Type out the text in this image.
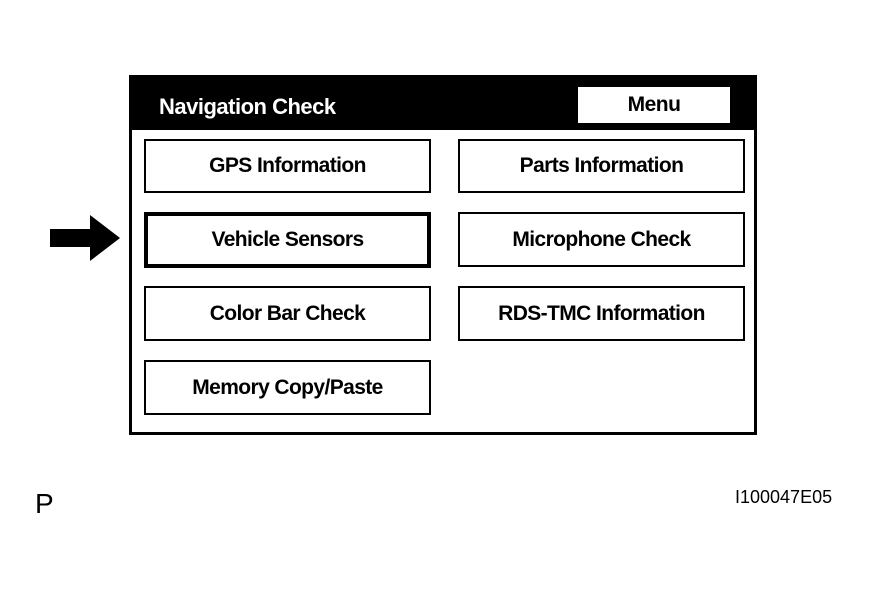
Navigation Check	Menu
GPS Information	Parts Information
Vehicle Sensors	Microphone Check
Color Bar Check	RDS-TMC Information
Memory Copy/Paste
P	I100047E05
